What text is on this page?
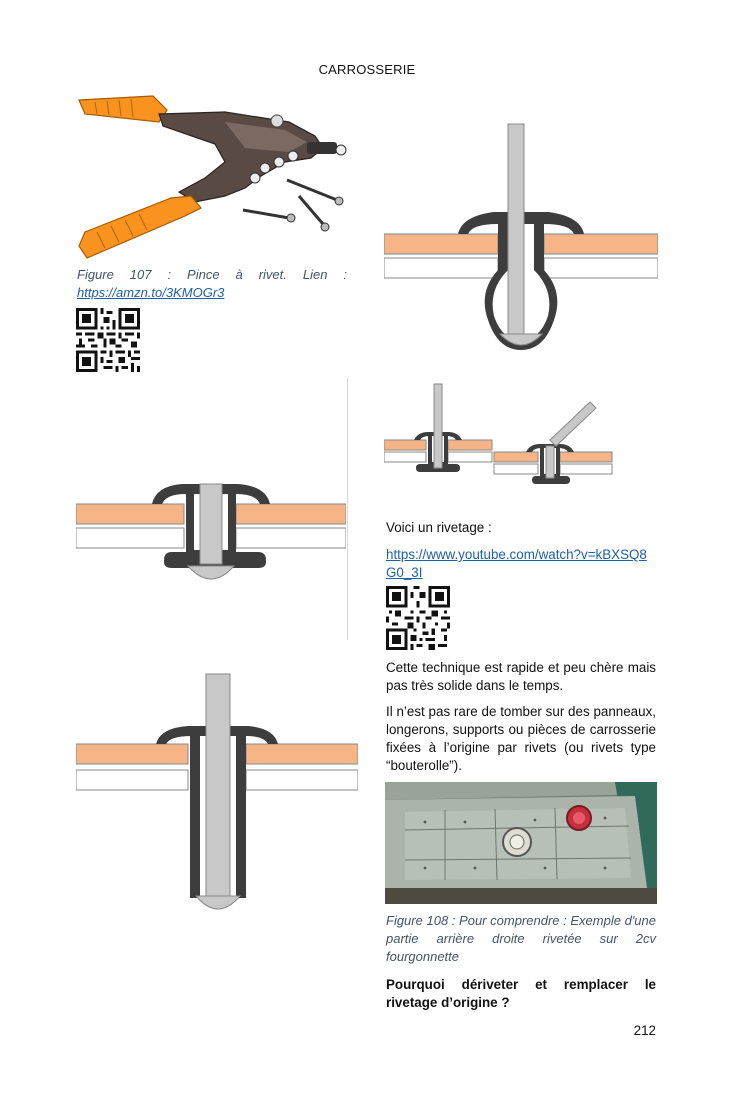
CARROSSERIE
Figure 107 : Pince à rivet. Lien :
https://amzn.to/3KMOGr3
Voici un rivetage :
https://www.youtube.com/watch?v=kBXSQ8G0_3I
Cette technique est rapide et peu chère mais pas très solide dans le temps.
Il n’est pas rare de tomber sur des panneaux, longerons, supports ou pièces de carrosserie fixées à l’origine par rivets (ou rivets type “bouterolle”).
Figure 108 : Pour comprendre : Exemple d'une partie arrière droite rivetée sur 2cv fourgonnette
Pourquoi dériveter et remplacer le rivetage d’origine ?
212
